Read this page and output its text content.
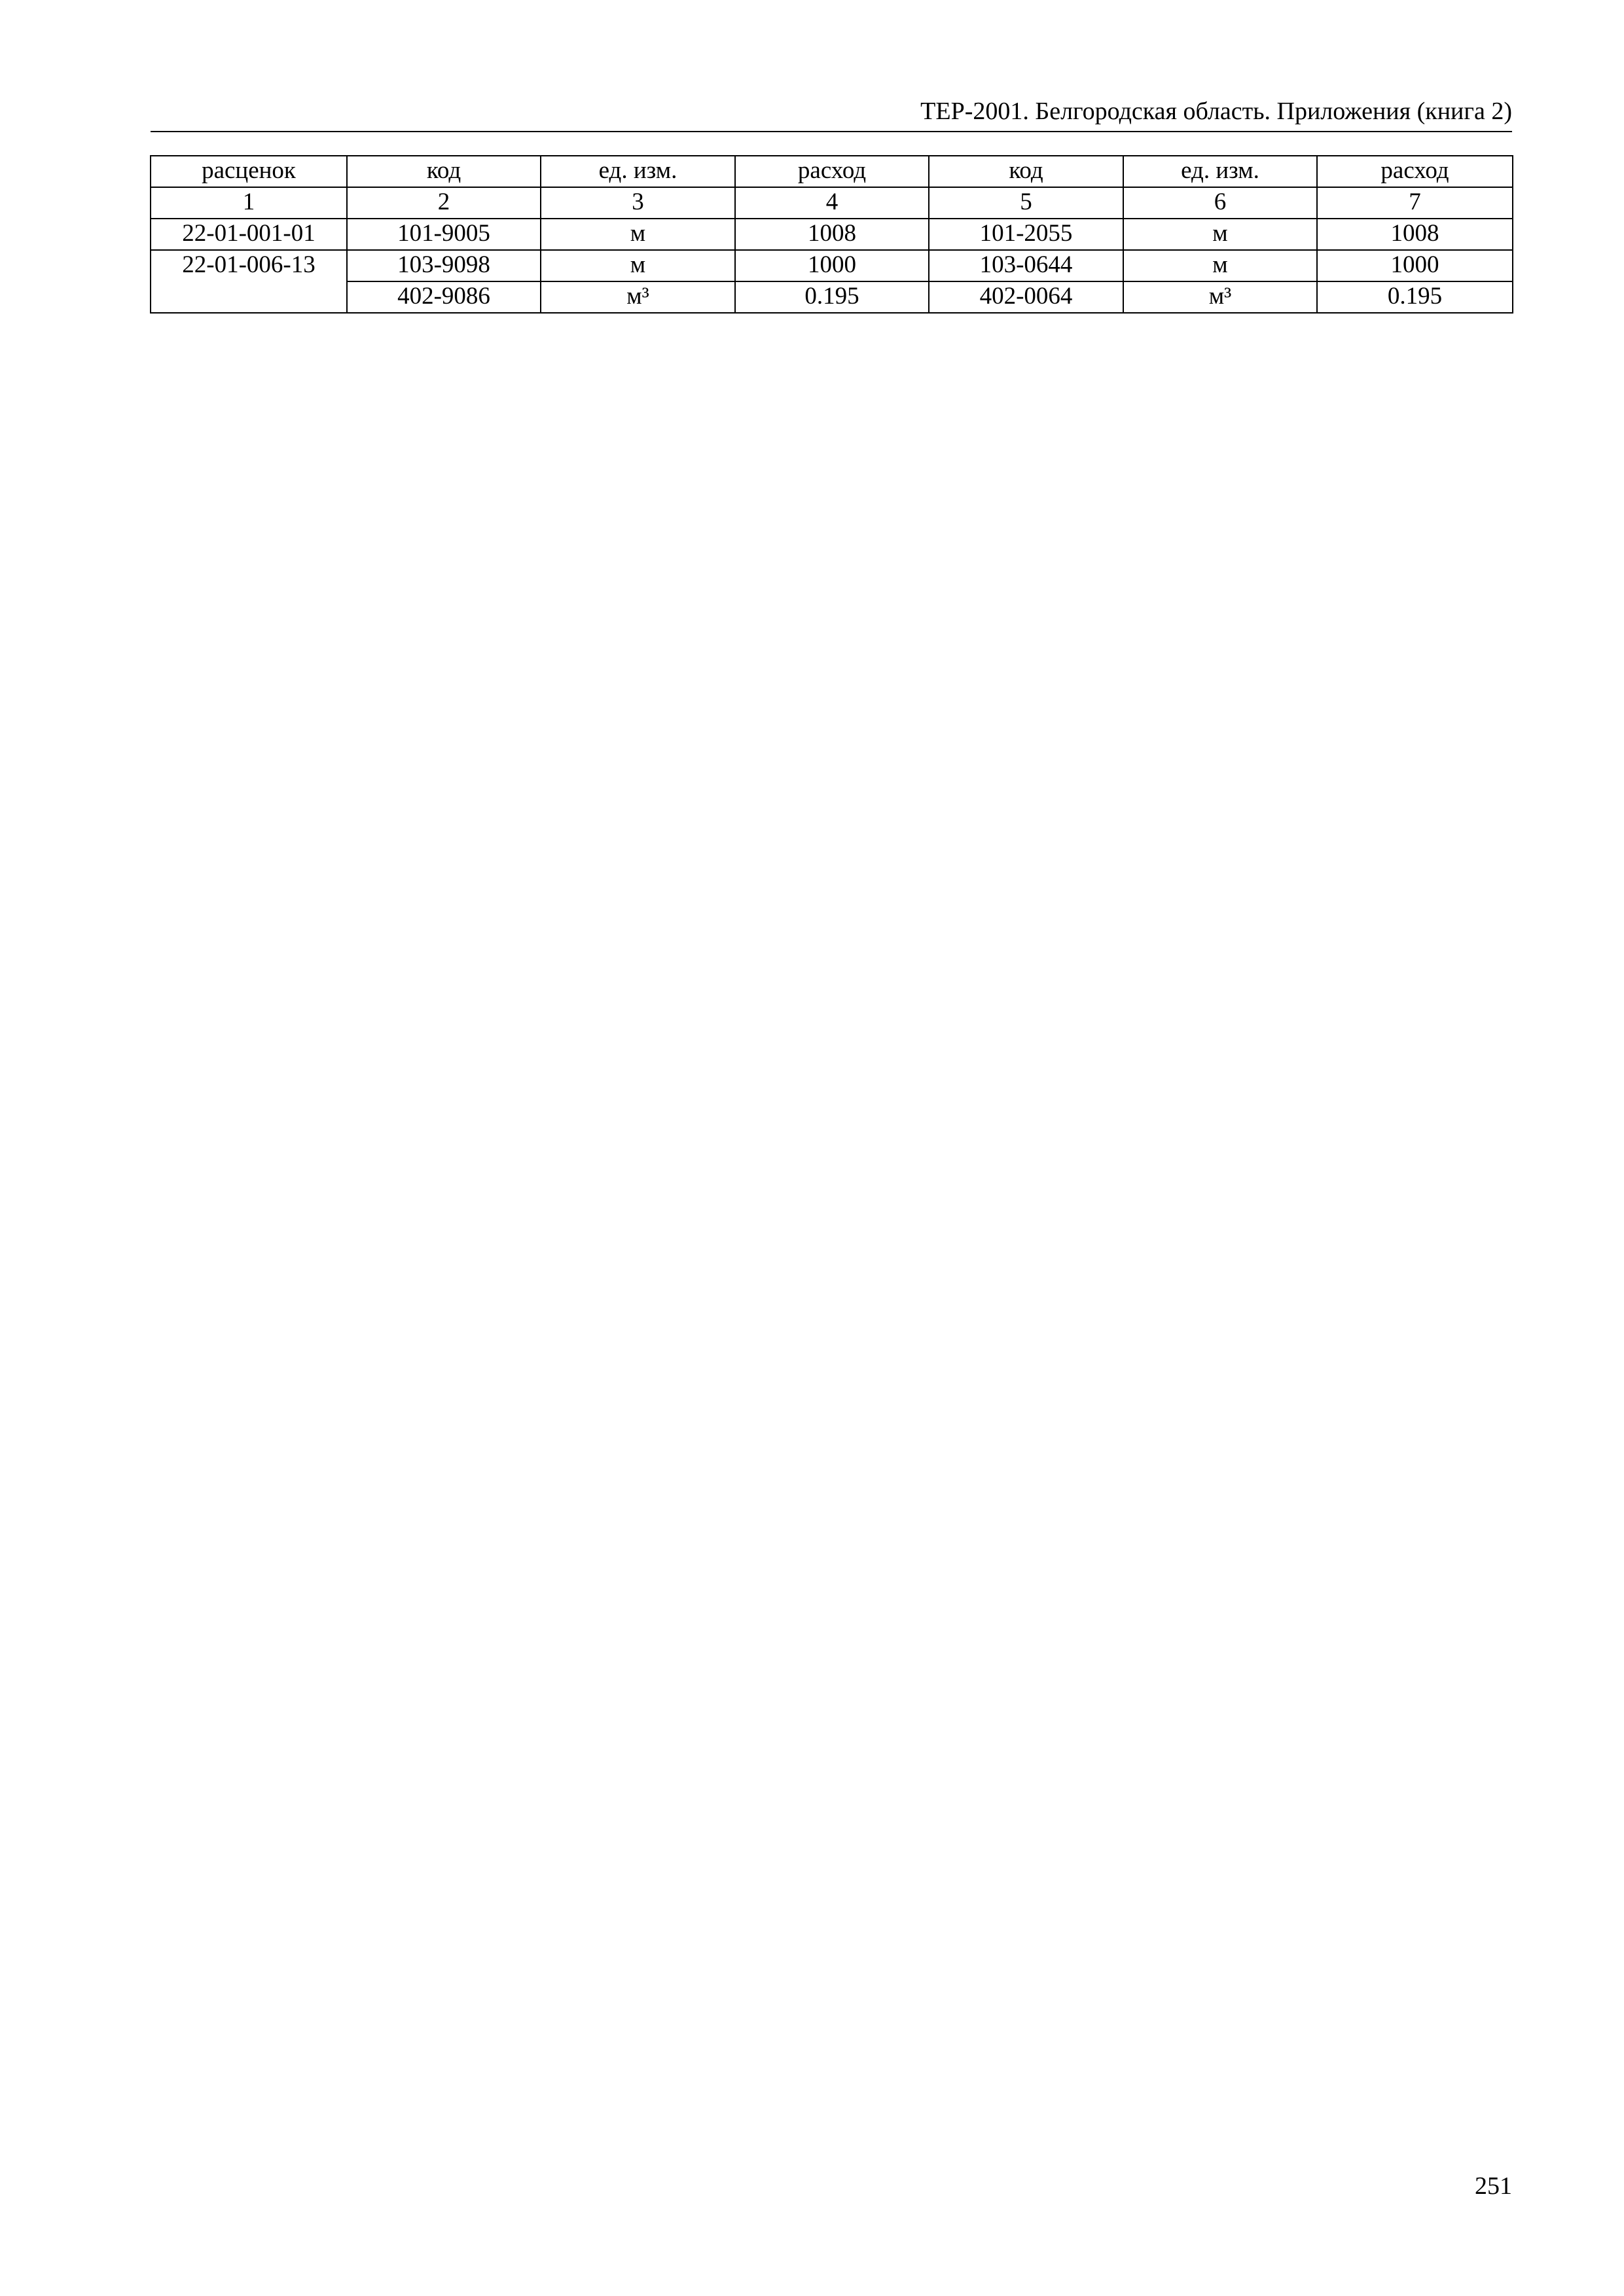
TEP-2001. Белгородская область. Приложения (книга 2)
расценок	код	ед. изм.	расход	код	ед. изм.	расход
1	2	3	4	5	6	7
22-01-001-01	101-9005	м	1008	101-2055	м	1008
22-01-006-13	103-9098	м	1000	103-0644	м	1000
	402-9086	м³	0.195	402-0064	м³	0.195
251
